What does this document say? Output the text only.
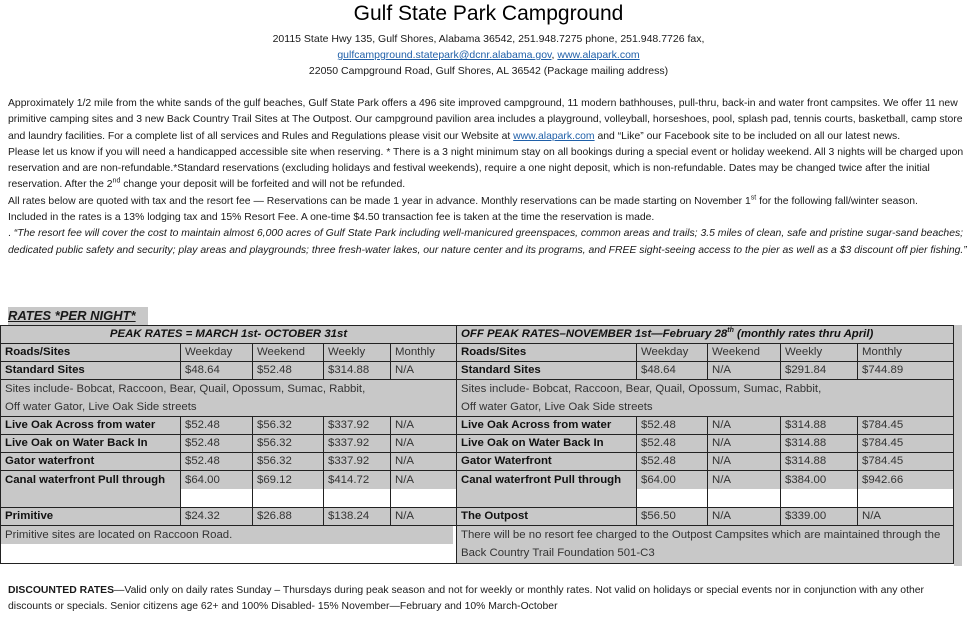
Gulf State Park Campground
20115 State Hwy 135, Gulf Shores, Alabama 36542, 251.948.7275 phone, 251.948.7726 fax,
gulfcampground.statepark@dcnr.alabama.gov, www.alapark.com
22050 Campground Road, Gulf Shores, AL 36542 (Package mailing address)

Approximately 1/2 mile from the white sands of the gulf beaches, Gulf State Park offers a 496 site improved campground, 11 modern bathhouses, pull-thru, back-in and water front campsites. We offer 11 new primitive camping sites and 3 new Back Country Trail Sites at The Outpost. Our campground pavilion area includes a playground, volleyball, horseshoes, pool, splash pad, tennis courts, basketball, camp store and laundry facilities. For a complete list of all services and Rules and Regulations please visit our Website at www.alapark.com and “Like” our Facebook site to be included on all our latest news.

Please let us know if you will need a handicapped accessible site when reserving. * There is a 3 night minimum stay on all bookings during a special event or holiday weekend. All 3 nights will be charged upon reservation and are non-refundable.*Standard reservations (excluding holidays and festival weekends), require a one night deposit, which is non-refundable. Dates may be changed twice after the initial reservation. After the 2nd change your deposit will be forfeited and will not be refunded.

All rates below are quoted with tax and the resort fee — Reservations can be made 1 year in advance. Monthly reservations can be made starting on November 1st for the following fall/winter season.

Included in the rates is a 13% lodging tax and 15% Resort Fee. A one-time $4.50 transaction fee is taken at the time the reservation is made.

. “The resort fee will cover the cost to maintain almost 6,000 acres of Gulf State Park including well-manicured greenspaces, common areas and trails; 3.5 miles of clean, safe and pristine sugar-sand beaches; dedicated public safety and security; play areas and playgrounds; three fresh-water lakes, our nature center and its programs, and FREE sight-seeing access to the pier as well as a $3 discount off pier fishing.”

RATES *PER NIGHT*
PEAK RATES = MARCH 1st- OCTOBER 31st				
Roads/Sites	Weekday	Weekend	Weekly	Monthly
Standard Sites	$48.64	$52.48	$314.88	N/A

Sites include- Bobcat, Raccoon, Bear, Quail, Opossum, Sumac, Rabbit,
Off water Gator, Live Oak Side streets				

Live Oak Across from water	$52.48	$56.32	$337.92	N/A
Live Oak on Water Back In	$52.48	$56.32	$337.92	N/A
Gator waterfront	$52.48	$56.32	$337.92	N/A
Canal waterfront Pull through	$64.00	$69.12	$414.72	N/A

Primitive	$24.32	$26.88	$138.24	N/A

Primitive sites are located on Raccoon Road.				
OFF PEAK RATES–NOVEMBER 1st—February 28th (monthly rates thru April)				
Roads/Sites	Weekday	Weekend	Weekly	Monthly
Standard Sites	$48.64	N/A	$291.84	$744.89

Sites include- Bobcat, Raccoon, Bear, Quail, Opossum, Sumac, Rabbit,
Off water Gator, Live Oak Side streets				

Live Oak Across from water	$52.48	N/A	$314.88	$784.45
Live Oak on Water Back In	$52.48	N/A	$314.88	$784.45
Gator Waterfront	$52.48	N/A	$314.88	$784.45
Canal waterfront Pull through	$64.00	N/A	$384.00	$942.66

The Outpost	$56.50	N/A	$339.00	N/A
There will be no resort fee charged to the Outpost Campsites which are maintained through the Back Country Trail Foundation 501-C3				
DISCOUNTED RATES—Valid only on daily rates Sunday – Thursdays during peak season and not for weekly or monthly rates. Not valid on holidays or special events nor in conjunction with any other discounts or specials. Senior citizens age 62+ and 100% Disabled- 15% November—February and 10% March-October
